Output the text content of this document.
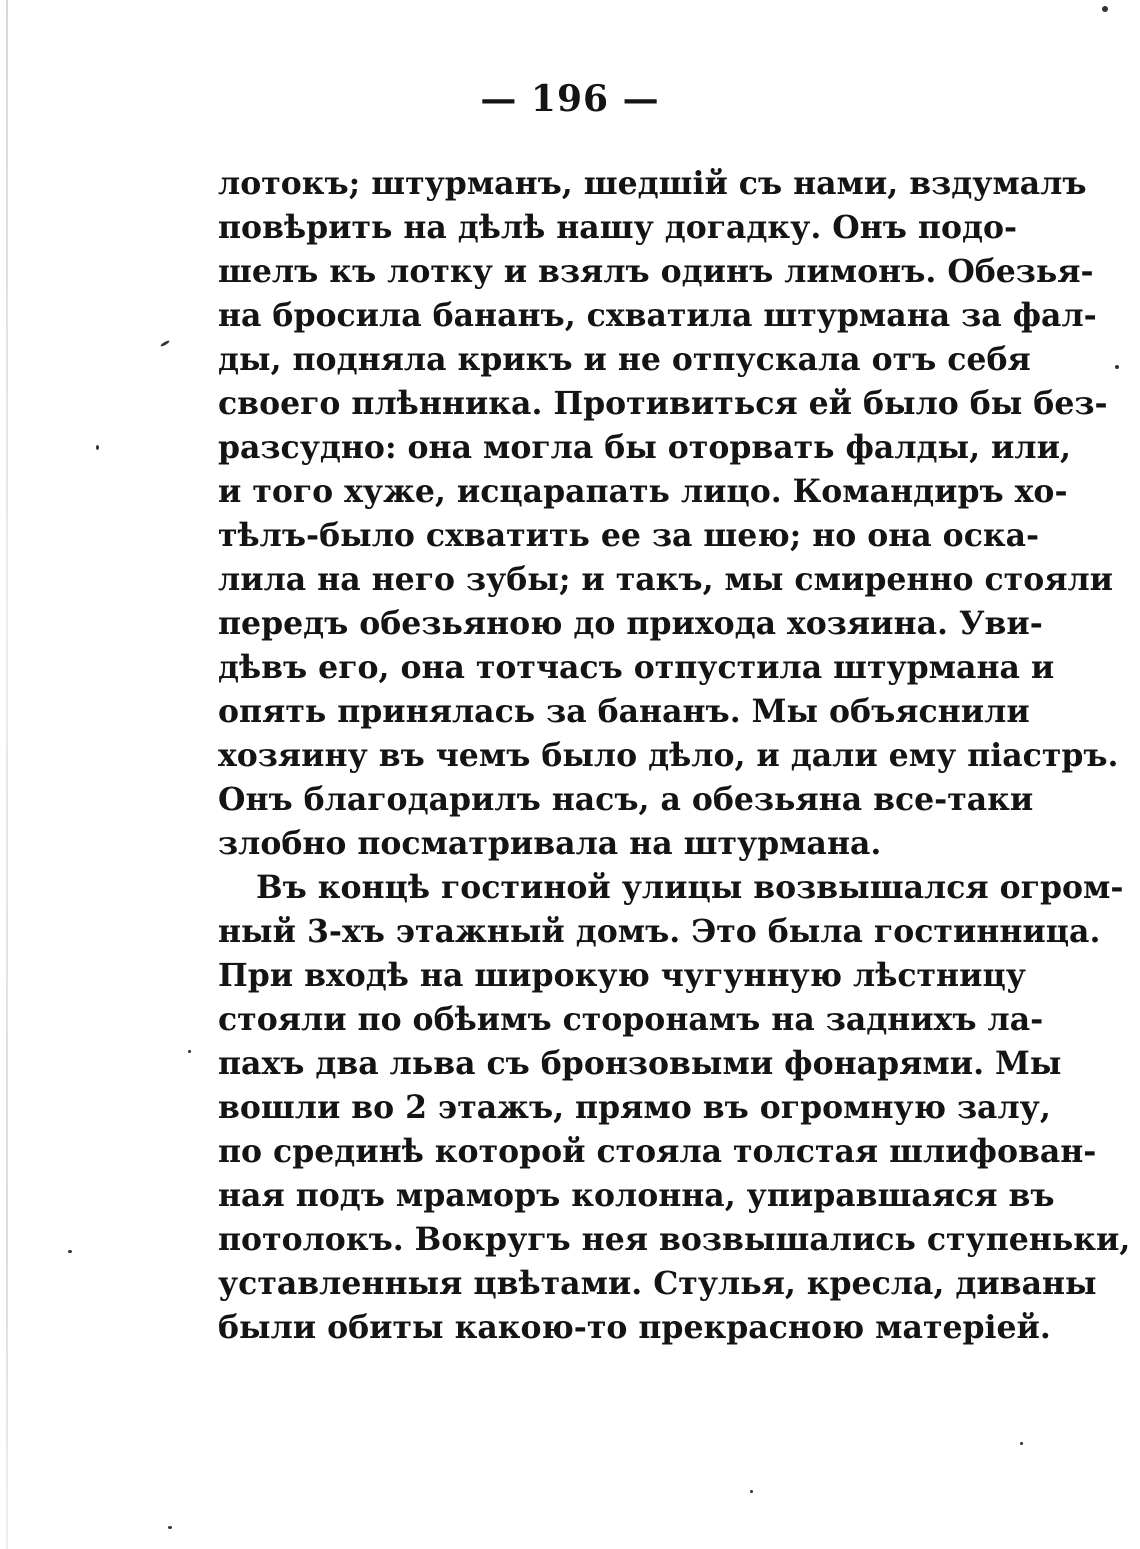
— 196 —
лотокъ; штурманъ, шедшій съ нами, вздумалъ
повѣрить на дѣлѣ нашу догадку. Онъ подо-
шелъ къ лотку и взялъ одинъ лимонъ. Обезья-
на бросила бананъ, схватила штурмана за фал-
ды, подняла крикъ и не отпускала отъ себя
своего плѣнника. Противиться ей было бы без-
разсудно: она могла бы оторвать фалды, или,
и того хуже, исцарапать лицо. Командиръ хо-
тѣлъ-было схватить ее за шею; но она оска-
лила на него зубы; и такъ, мы смиренно стояли
передъ обезьяною до прихода хозяина. Уви-
дѣвъ его, она тотчасъ отпустила штурмана и
опять принялась за бананъ. Мы объяснили
хозяину въ чемъ было дѣло, и дали ему піастръ.
Онъ благодарилъ насъ, а обезьяна все-таки
злобно посматривала на штурмана.
Въ концѣ гостиной улицы возвышался огром-
ный 3-хъ этажный домъ. Это была гостинница.
При входѣ на широкую чугунную лѣстницу
стояли по обѣимъ сторонамъ на заднихъ ла-
пахъ два льва съ бронзовыми фонарями. Мы
вошли во 2 этажъ, прямо въ огромную залу,
по срединѣ которой стояла толстая шлифован-
ная подъ мраморъ колонна, упиравшаяся въ
потолокъ. Вокругъ нея возвышались ступеньки,
уставленныя цвѣтами. Стулья, кресла, диваны
были обиты какою-то прекрасною матеріей.
